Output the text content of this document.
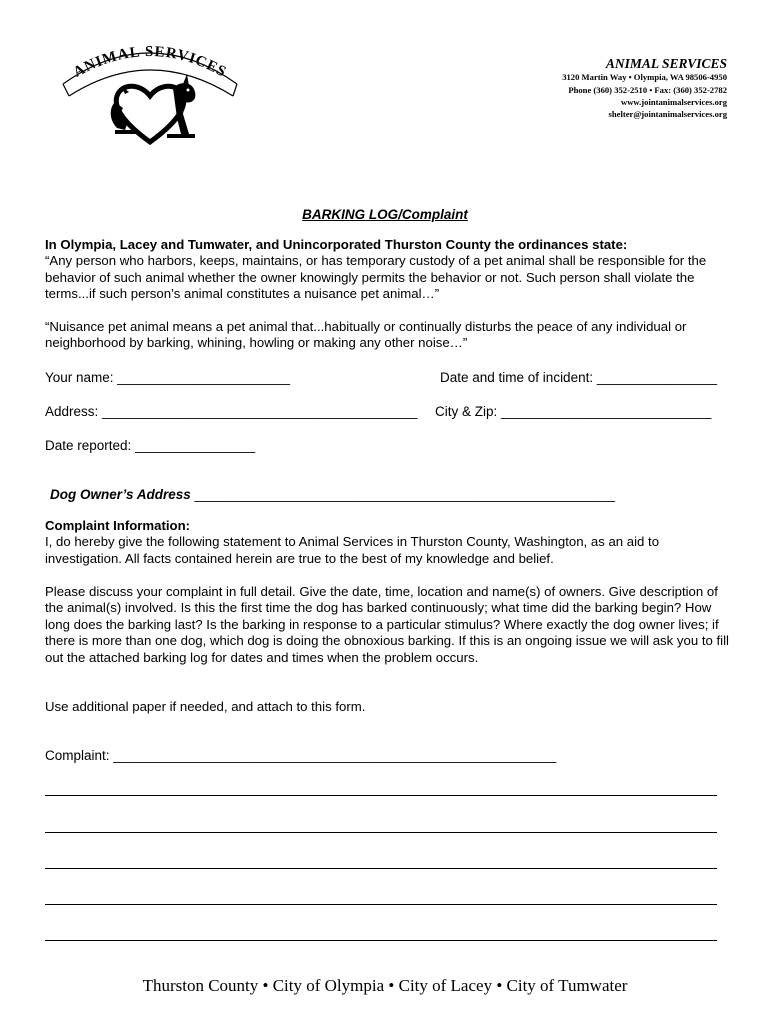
ANIMAL SERVICES	ANIMAL SERVICES
3120 Martin Way • Olympia, WA 98506-4950
Phone (360) 352-2510 • Fax: (360) 352-2782
www.jointanimalservices.org
shelter@jointanimalservices.org
BARKING LOG/Complaint
In Olympia, Lacey and Tumwater, and Unincorporated Thurston County the ordinances state:
“Any person who harbors, keeps, maintains, or has temporary custody of a pet animal shall be responsible for the behavior of such animal whether the owner knowingly permits the behavior or not. Such person shall violate the terms...if such person’s animal constitutes a nuisance pet animal…”
“Nuisance pet animal means a pet animal that...habitually or continually disturbs the peace of any individual or neighborhood by barking, whining, howling or making any other noise…”
Your name: _______________________	Date and time of incident: ________________
Address: __________________________________________ City & Zip: ____________________________
Date reported: ________________
Dog Owner’s Address ________________________________________________________
Complaint Information:
I, do hereby give the following statement to Animal Services in Thurston County, Washington, as an aid to investigation. All facts contained herein are true to the best of my knowledge and belief.
Please discuss your complaint in full detail. Give the date, time, location and name(s) of owners. Give description of the animal(s) involved. Is this the first time the dog has barked continuously; what time did the barking begin? How long does the barking last? Is the barking in response to a particular stimulus? Where exactly the dog owner lives; if there is more than one dog, which dog is doing the obnoxious barking. If this is an ongoing issue we will ask you to fill out the attached barking log for dates and times when the problem occurs.
Use additional paper if needed, and attach to this form.
Complaint: ___________________________________________________________
Thurston County • City of Olympia • City of Lacey • City of Tumwater
